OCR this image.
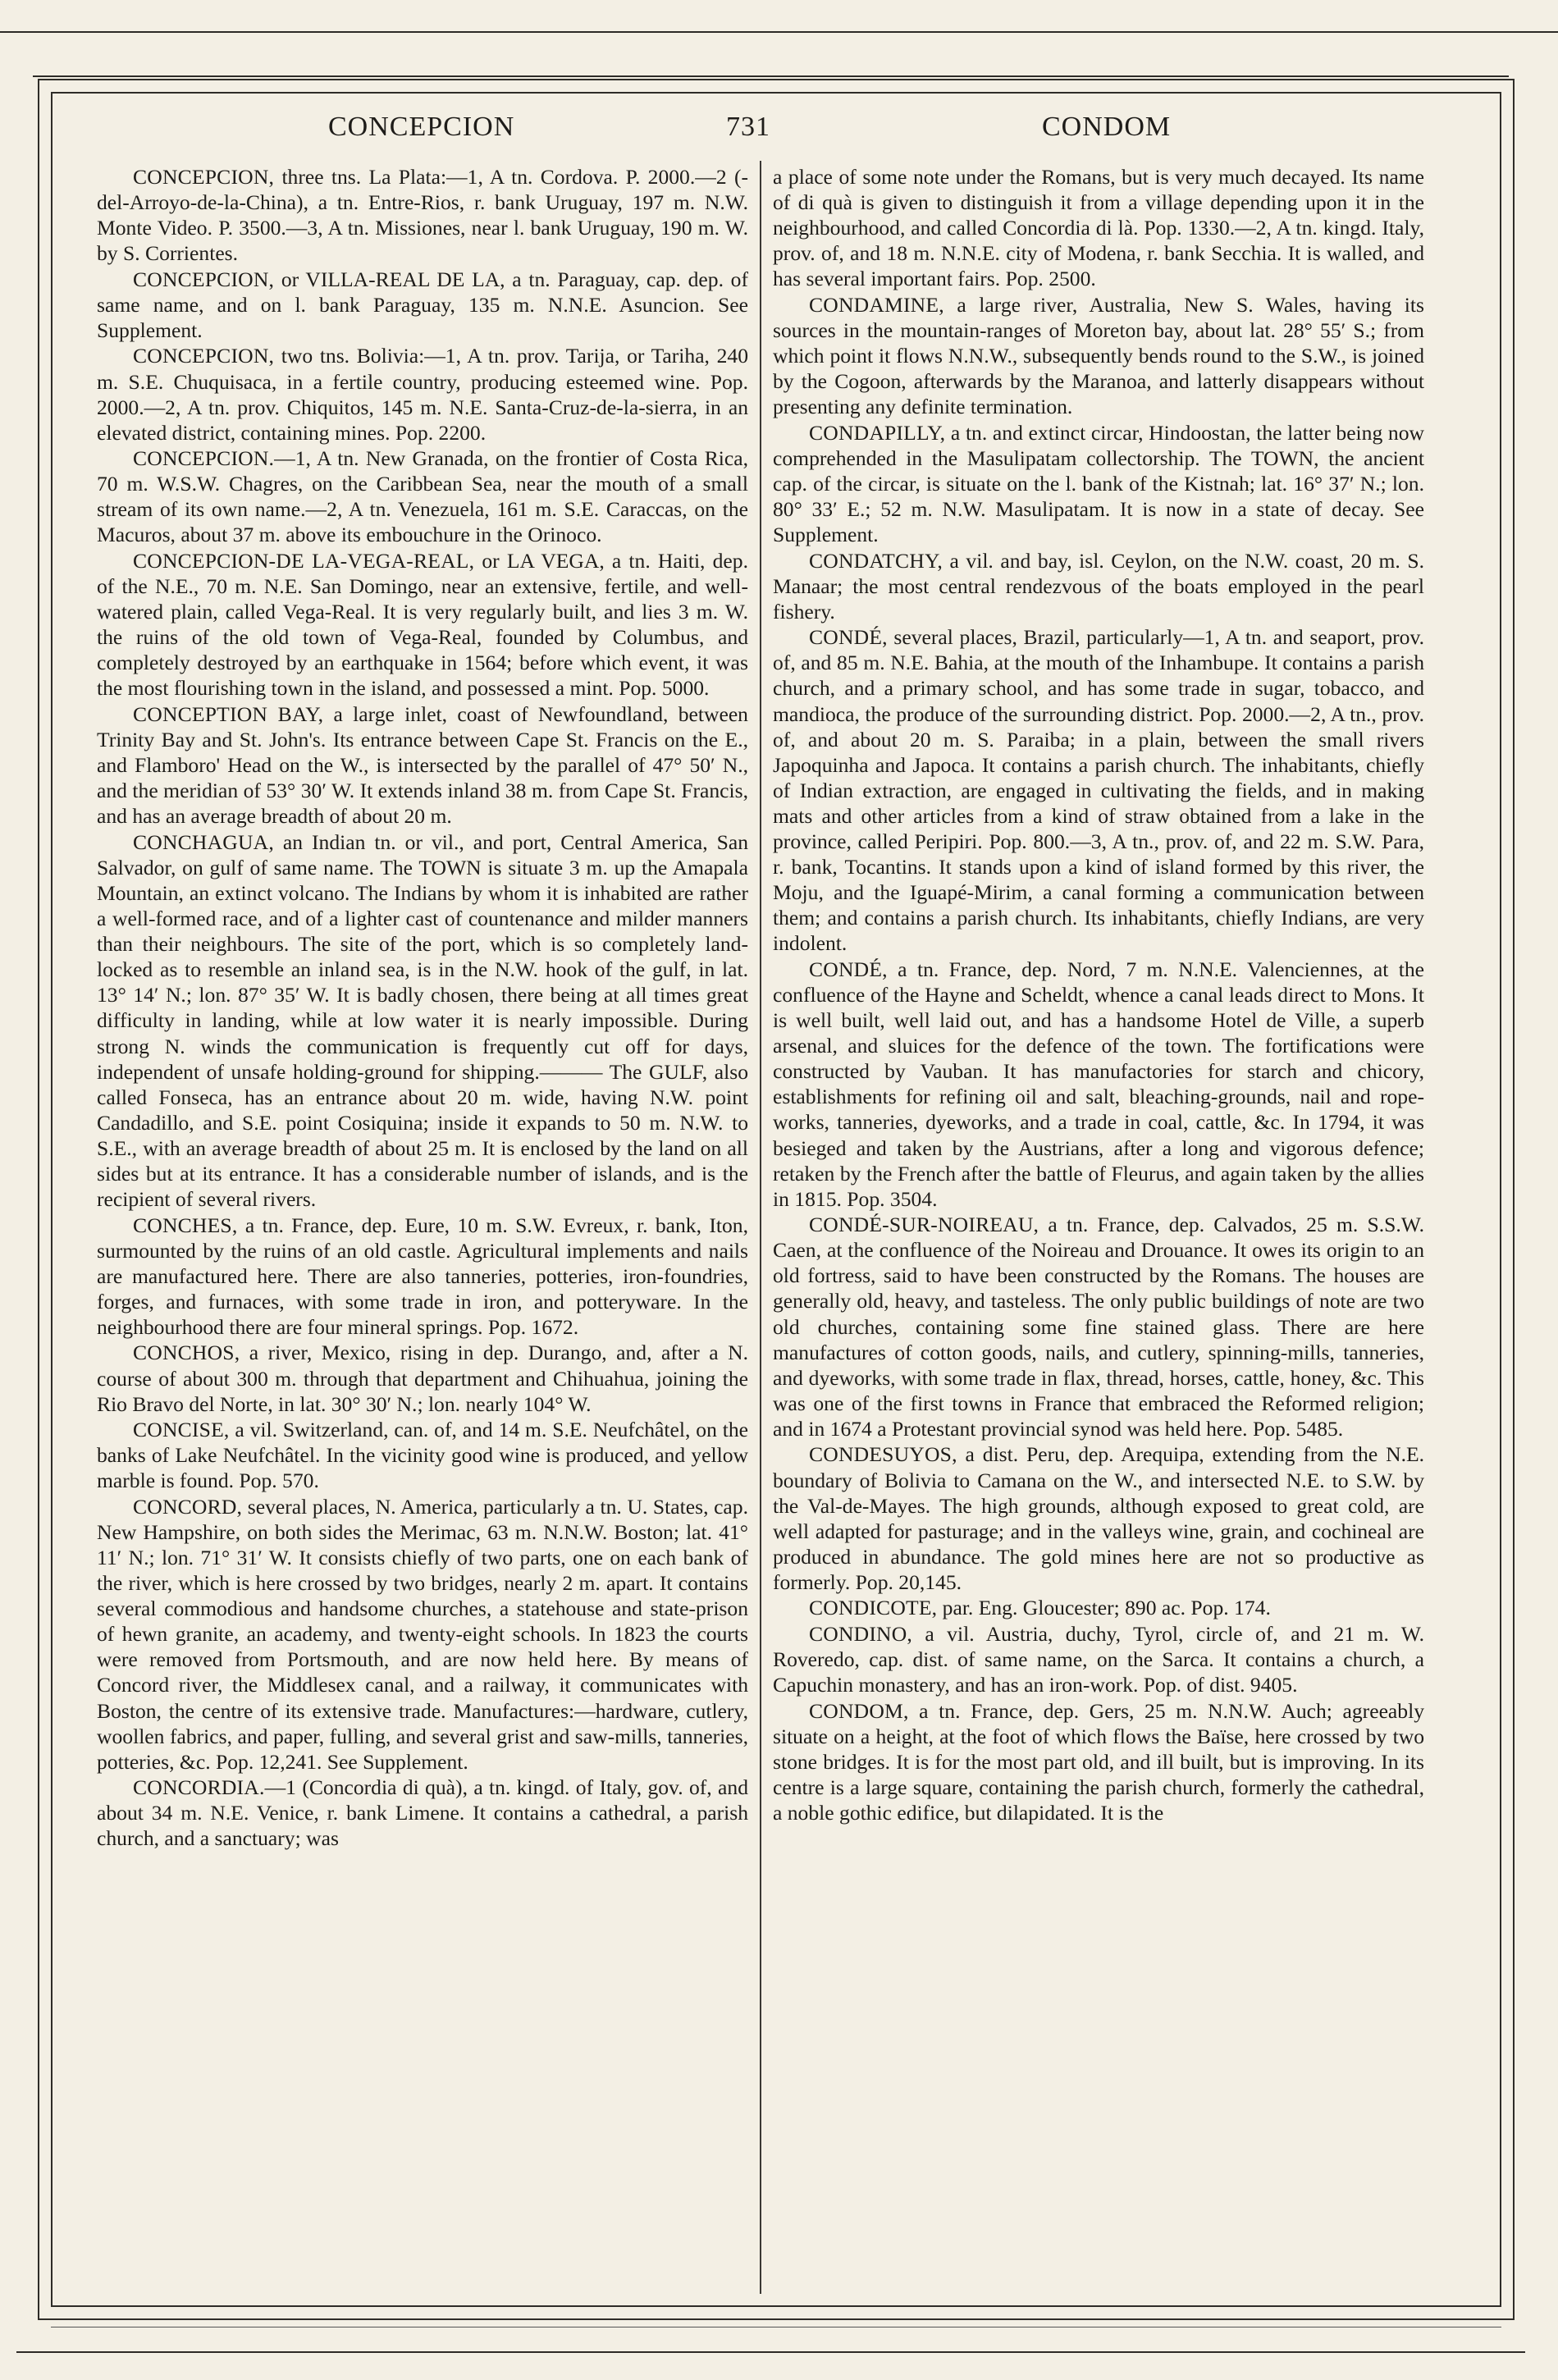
CONCEPCION	731	CONDOM

CONCEPCION, three tns. La Plata:—1, A tn. Cordova. P. 2000.—2 (-del-Arroyo-de-la-China), a tn. Entre-Rios, r. bank Uruguay, 197 m. N.W. Monte Video. P. 3500.—3, A tn. Missiones, near l. bank Uruguay, 190 m. W. by S. Corrientes.

CONCEPCION, or VILLA-REAL DE LA, a tn. Paraguay, cap. dep. of same name, and on l. bank Paraguay, 135 m. N.N.E. Asuncion. See Supplement.

CONCEPCION, two tns. Bolivia:—1, A tn. prov. Tarija, or Tariha, 240 m. S.E. Chuquisaca, in a fertile country, producing esteemed wine. Pop. 2000.—2, A tn. prov. Chiquitos, 145 m. N.E. Santa-Cruz-de-la-sierra, in an elevated district, containing mines. Pop. 2200.

CONCEPCION.—1, A tn. New Granada, on the frontier of Costa Rica, 70 m. W.S.W. Chagres, on the Caribbean Sea, near the mouth of a small stream of its own name.—2, A tn. Venezuela, 161 m. S.E. Caraccas, on the Macuros, about 37 m. above its embouchure in the Orinoco.

CONCEPCION-DE LA-VEGA-REAL, or LA VEGA, a tn. Haiti, dep. of the N.E., 70 m. N.E. San Domingo, near an extensive, fertile, and well-watered plain, called Vega-Real. It is very regularly built, and lies 3 m. W. the ruins of the old town of Vega-Real, founded by Columbus, and completely destroyed by an earthquake in 1564; before which event, it was the most flourishing town in the island, and possessed a mint. Pop. 5000.

CONCEPTION BAY, a large inlet, coast of Newfoundland, between Trinity Bay and St. John's. Its entrance between Cape St. Francis on the E., and Flamboro' Head on the W., is intersected by the parallel of 47° 50′ N., and the meridian of 53° 30′ W. It extends inland 38 m. from Cape St. Francis, and has an average breadth of about 20 m.

CONCHAGUA, an Indian tn. or vil., and port, Central America, San Salvador, on gulf of same name. The TOWN is situate 3 m. up the Amapala Mountain, an extinct volcano. The Indians by whom it is inhabited are rather a well-formed race, and of a lighter cast of countenance and milder manners than their neighbours. The site of the port, which is so completely land-locked as to resemble an inland sea, is in the N.W. hook of the gulf, in lat. 13° 14′ N.; lon. 87° 35′ W. It is badly chosen, there being at all times great difficulty in landing, while at low water it is nearly impossible. During strong N. winds the communication is frequently cut off for days, independent of unsafe holding-ground for shipping.——— The GULF, also called Fonseca, has an entrance about 20 m. wide, having N.W. point Candadillo, and S.E. point Cosiquina; inside it expands to 50 m. N.W. to S.E., with an average breadth of about 25 m. It is enclosed by the land on all sides but at its entrance. It has a considerable number of islands, and is the recipient of several rivers.

CONCHES, a tn. France, dep. Eure, 10 m. S.W. Evreux, r. bank, Iton, surmounted by the ruins of an old castle. Agricultural implements and nails are manufactured here. There are also tanneries, potteries, iron-foundries, forges, and furnaces, with some trade in iron, and potteryware. In the neighbourhood there are four mineral springs. Pop. 1672.

CONCHOS, a river, Mexico, rising in dep. Durango, and, after a N. course of about 300 m. through that department and Chihuahua, joining the Rio Bravo del Norte, in lat. 30° 30′ N.; lon. nearly 104° W.

CONCISE, a vil. Switzerland, can. of, and 14 m. S.E. Neufchâtel, on the banks of Lake Neufchâtel. In the vicinity good wine is produced, and yellow marble is found. Pop. 570.

CONCORD, several places, N. America, particularly a tn. U. States, cap. New Hampshire, on both sides the Merimac, 63 m. N.N.W. Boston; lat. 41° 11′ N.; lon. 71° 31′ W. It consists chiefly of two parts, one on each bank of the river, which is here crossed by two bridges, nearly 2 m. apart. It contains several commodious and handsome churches, a statehouse and state-prison of hewn granite, an academy, and twenty-eight schools. In 1823 the courts were removed from Portsmouth, and are now held here. By means of Concord river, the Middlesex canal, and a railway, it communicates with Boston, the centre of its extensive trade. Manufactures:—hardware, cutlery, woollen fabrics, and paper, fulling, and several grist and saw-mills, tanneries, potteries, &c. Pop. 12,241. See Supplement.

CONCORDIA.—1 (Concordia di quà), a tn. kingd. of Italy, gov. of, and about 34 m. N.E. Venice, r. bank Limene. It contains a cathedral, a parish church, and a sanctuary; was

a place of some note under the Romans, but is very much decayed. Its name of di quà is given to distinguish it from a village depending upon it in the neighbourhood, and called Concordia di là. Pop. 1330.—2, A tn. kingd. Italy, prov. of, and 18 m. N.N.E. city of Modena, r. bank Secchia. It is walled, and has several important fairs. Pop. 2500.

CONDAMINE, a large river, Australia, New S. Wales, having its sources in the mountain-ranges of Moreton bay, about lat. 28° 55′ S.; from which point it flows N.N.W., subsequently bends round to the S.W., is joined by the Cogoon, afterwards by the Maranoa, and latterly disappears without presenting any definite termination.

CONDAPILLY, a tn. and extinct circar, Hindoostan, the latter being now comprehended in the Masulipatam collectorship. The TOWN, the ancient cap. of the circar, is situate on the l. bank of the Kistnah; lat. 16° 37′ N.; lon. 80° 33′ E.; 52 m. N.W. Masulipatam. It is now in a state of decay. See Supplement.

CONDATCHY, a vil. and bay, isl. Ceylon, on the N.W. coast, 20 m. S. Manaar; the most central rendezvous of the boats employed in the pearl fishery.

CONDÉ, several places, Brazil, particularly—1, A tn. and seaport, prov. of, and 85 m. N.E. Bahia, at the mouth of the Inhambupe. It contains a parish church, and a primary school, and has some trade in sugar, tobacco, and mandioca, the produce of the surrounding district. Pop. 2000.—2, A tn., prov. of, and about 20 m. S. Paraiba; in a plain, between the small rivers Japoquinha and Japoca. It contains a parish church. The inhabitants, chiefly of Indian extraction, are engaged in cultivating the fields, and in making mats and other articles from a kind of straw obtained from a lake in the province, called Peripiri. Pop. 800.—3, A tn., prov. of, and 22 m. S.W. Para, r. bank, Tocantins. It stands upon a kind of island formed by this river, the Moju, and the Iguapé-Mirim, a canal forming a communication between them; and contains a parish church. Its inhabitants, chiefly Indians, are very indolent.

CONDÉ, a tn. France, dep. Nord, 7 m. N.N.E. Valenciennes, at the confluence of the Hayne and Scheldt, whence a canal leads direct to Mons. It is well built, well laid out, and has a handsome Hotel de Ville, a superb arsenal, and sluices for the defence of the town. The fortifications were constructed by Vauban. It has manufactories for starch and chicory, establishments for refining oil and salt, bleaching-grounds, nail and rope-works, tanneries, dyeworks, and a trade in coal, cattle, &c. In 1794, it was besieged and taken by the Austrians, after a long and vigorous defence; retaken by the French after the battle of Fleurus, and again taken by the allies in 1815. Pop. 3504.

CONDÉ-SUR-NOIREAU, a tn. France, dep. Calvados, 25 m. S.S.W. Caen, at the confluence of the Noireau and Drouance. It owes its origin to an old fortress, said to have been constructed by the Romans. The houses are generally old, heavy, and tasteless. The only public buildings of note are two old churches, containing some fine stained glass. There are here manufactures of cotton goods, nails, and cutlery, spinning-mills, tanneries, and dyeworks, with some trade in flax, thread, horses, cattle, honey, &c. This was one of the first towns in France that embraced the Reformed religion; and in 1674 a Protestant provincial synod was held here. Pop. 5485.

CONDESUYOS, a dist. Peru, dep. Arequipa, extending from the N.E. boundary of Bolivia to Camana on the W., and intersected N.E. to S.W. by the Val-de-Mayes. The high grounds, although exposed to great cold, are well adapted for pasturage; and in the valleys wine, grain, and cochineal are produced in abundance. The gold mines here are not so productive as formerly. Pop. 20,145.

CONDICOTE, par. Eng. Gloucester; 890 ac. Pop. 174.

CONDINO, a vil. Austria, duchy, Tyrol, circle of, and 21 m. W. Roveredo, cap. dist. of same name, on the Sarca. It contains a church, a Capuchin monastery, and has an iron-work. Pop. of dist. 9405.

CONDOM, a tn. France, dep. Gers, 25 m. N.N.W. Auch; agreeably situate on a height, at the foot of which flows the Baïse, here crossed by two stone bridges. It is for the most part old, and ill built, but is improving. In its centre is a large square, containing the parish church, formerly the cathedral, a noble gothic edifice, but dilapidated. It is the
